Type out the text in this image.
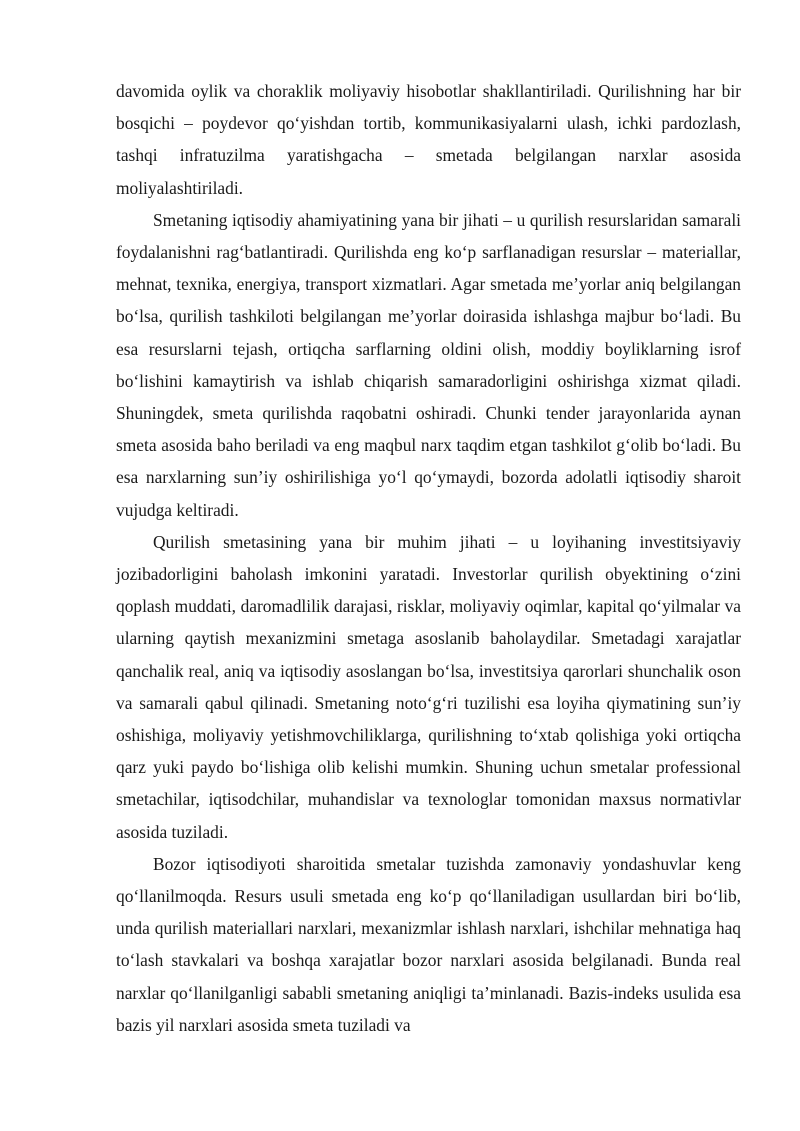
davomida oylik va choraklik moliyaviy hisobotlar shakllantiriladi. Qurilishning har bir bosqichi – poydevor qo‘yishdan tortib, kommunikasiyalarni ulash, ichki pardozlash, tashqi infratuzilma yaratishgacha – smetada belgilangan narxlar asosida moliyalashtiriladi.

Smetaning iqtisodiy ahamiyatining yana bir jihati – u qurilish resurslaridan samarali foydalanishni rag‘batlantiradi. Qurilishda eng ko‘p sarflanadigan resurslar – materiallar, mehnat, texnika, energiya, transport xizmatlari. Agar smetada me’yorlar aniq belgilangan bo‘lsa, qurilish tashkiloti belgilangan me’yorlar doirasida ishlashga majbur bo‘ladi. Bu esa resurslarni tejash, ortiqcha sarflarning oldini olish, moddiy boyliklarning isrof bo‘lishini kamaytirish va ishlab chiqarish samaradorligini oshirishga xizmat qiladi. Shuningdek, smeta qurilishda raqobatni oshiradi. Chunki tender jarayonlarida aynan smeta asosida baho beriladi va eng maqbul narx taqdim etgan tashkilot g‘olib bo‘ladi. Bu esa narxlarning sun’iy oshirilishiga yo‘l qo‘ymaydi, bozorda adolatli iqtisodiy sharoit vujudga keltiradi.

Qurilish smetasining yana bir muhim jihati – u loyihaning investitsiyaviy jozibadorligini baholash imkonini yaratadi. Investorlar qurilish obyektining o‘zini qoplash muddati, daromadlilik darajasi, risklar, moliyaviy oqimlar, kapital qo‘yilmalar va ularning qaytish mexanizmini smetaga asoslanib baholaydilar. Smetadagi xarajatlar qanchalik real, aniq va iqtisodiy asoslangan bo‘lsa, investitsiya qarorlari shunchalik oson va samarali qabul qilinadi. Smetaning noto‘g‘ri tuzilishi esa loyiha qiymatining sun’iy oshishiga, moliyaviy yetishmovchiliklarga, qurilishning to‘xtab qolishiga yoki ortiqcha qarz yuki paydo bo‘lishiga olib kelishi mumkin. Shuning uchun smetalar professional smetachilar, iqtisodchilar, muhandislar va texnologlar tomonidan maxsus normativlar asosida tuziladi.

Bozor iqtisodiyoti sharoitida smetalar tuzishda zamonaviy yondashuvlar keng qo‘llanilmoqda. Resurs usuli smetada eng ko‘p qo‘llaniladigan usullardan biri bo‘lib, unda qurilish materiallari narxlari, mexanizmlar ishlash narxlari, ishchilar mehnatiga haq to‘lash stavkalari va boshqa xarajatlar bozor narxlari asosida belgilanadi. Bunda real narxlar qo‘llanilganligi sababli smetaning aniqligi ta’minlanadi. Bazis-indeks usulida esa bazis yil narxlari asosida smeta tuziladi va
